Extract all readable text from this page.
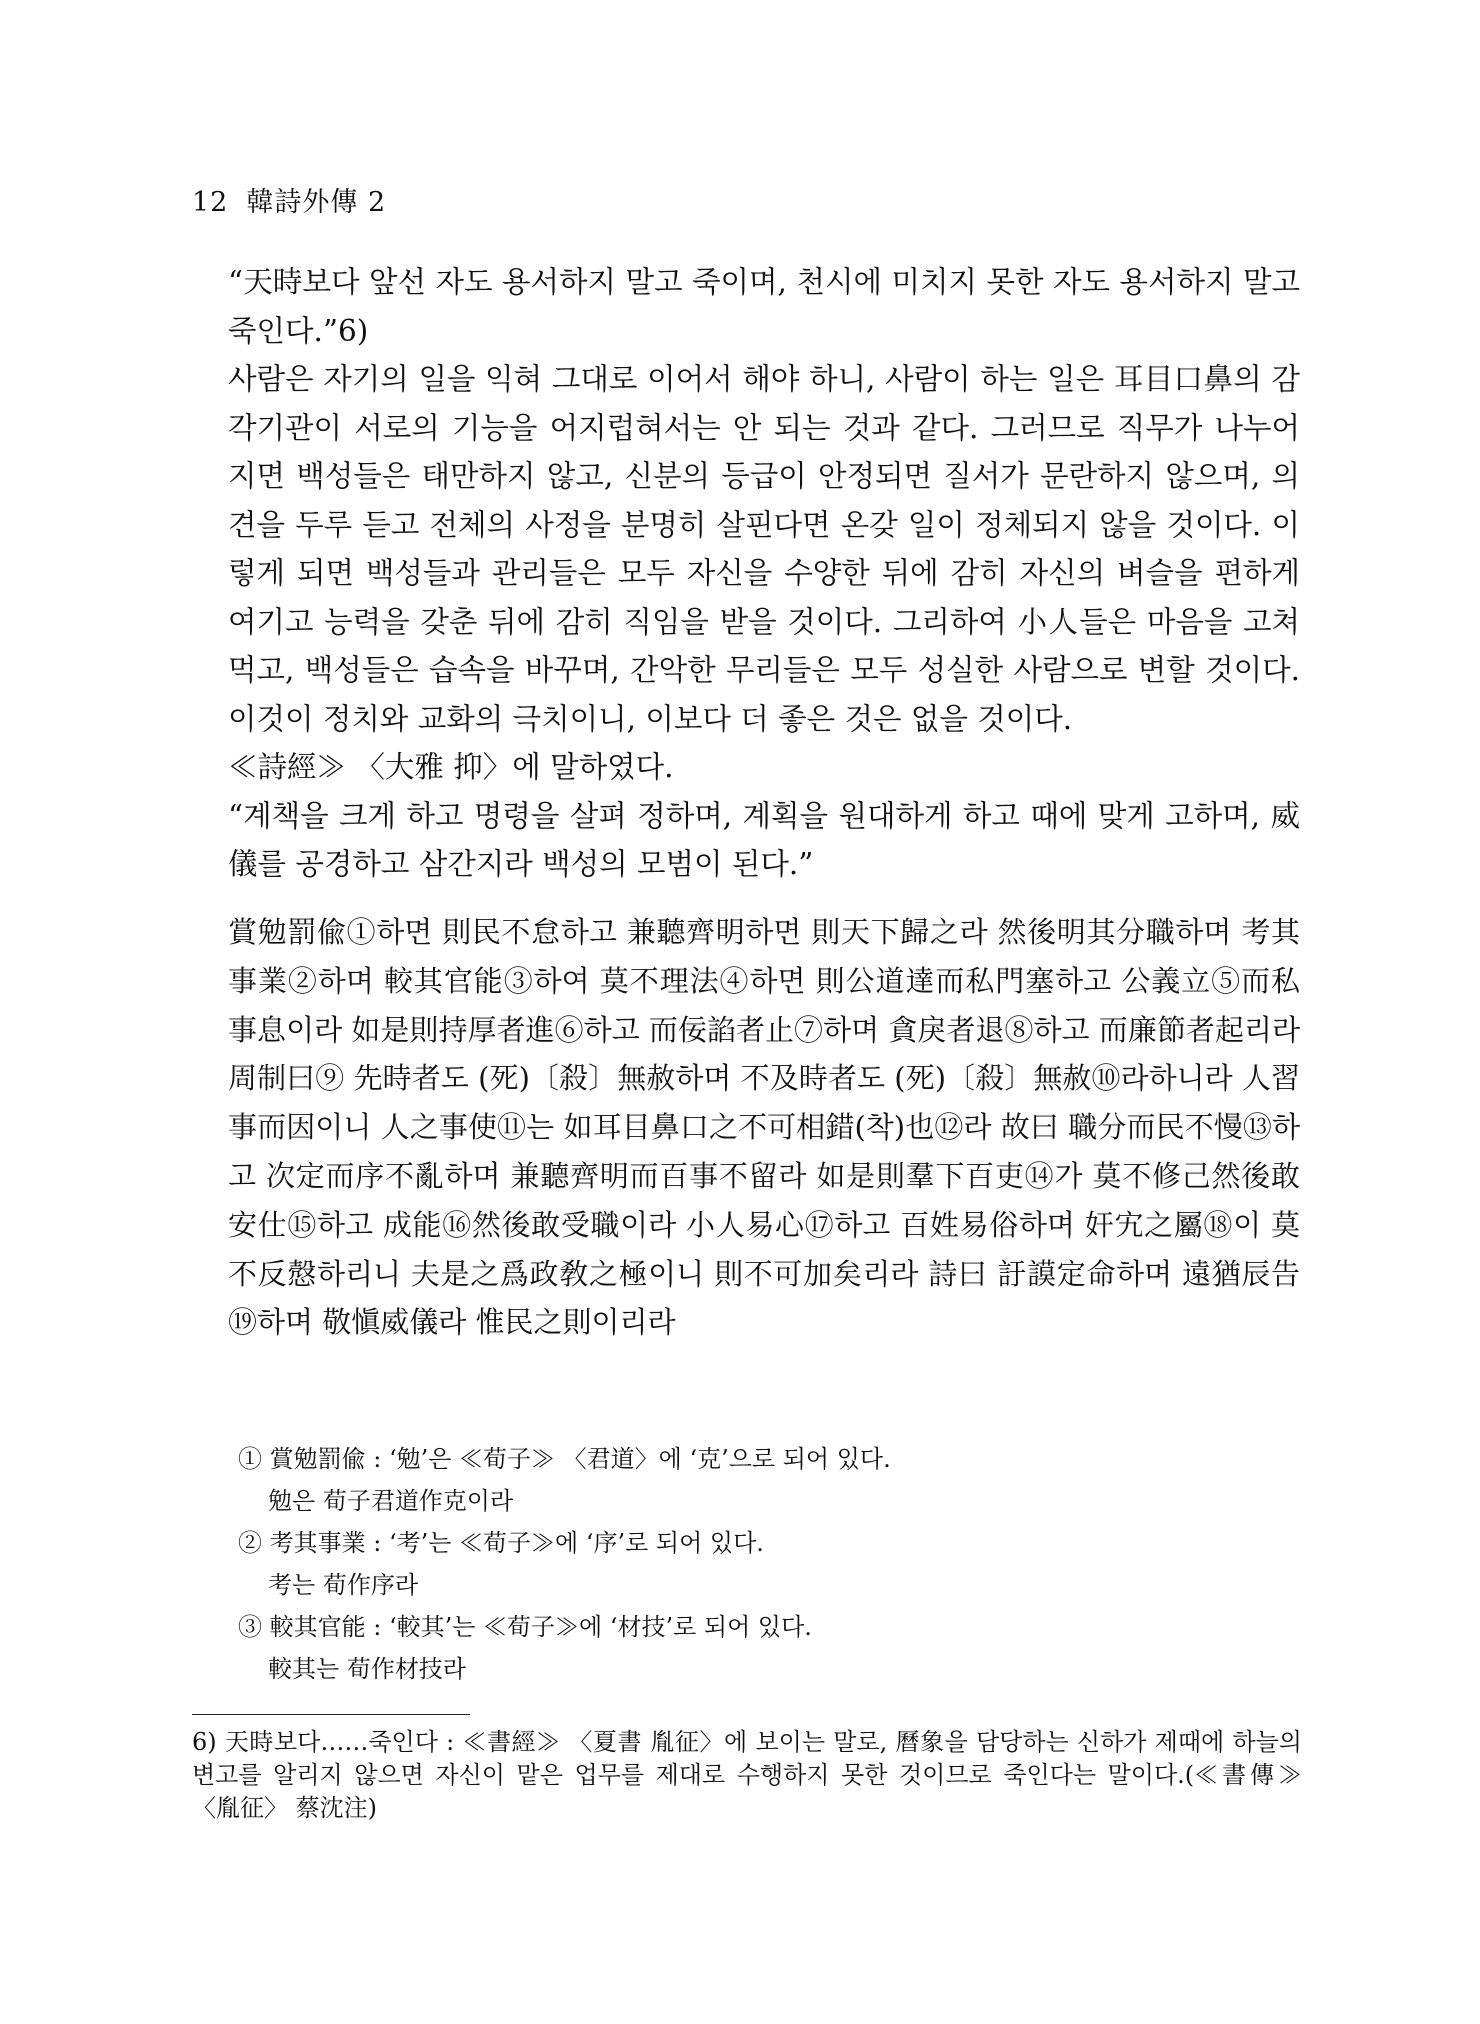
12 韓詩外傳 2

“天時보다 앞선 자도 용서하지 말고 죽이며, 천시에 미치지 못한 자도 용서하지 말고 죽인다.”6)

사람은 자기의 일을 익혀 그대로 이어서 해야 하니, 사람이 하는 일은 耳目口鼻의 감각기관이 서로의 기능을 어지럽혀서는 안 되는 것과 같다. 그러므로 직무가 나누어지면 백성들은 태만하지 않고, 신분의 등급이 안정되면 질서가 문란하지 않으며, 의견을 두루 듣고 전체의 사정을 분명히 살핀다면 온갖 일이 정체되지 않을 것이다. 이렇게 되면 백성들과 관리들은 모두 자신을 수양한 뒤에 감히 자신의 벼슬을 편하게 여기고 능력을 갖춘 뒤에 감히 직임을 받을 것이다. 그리하여 小人들은 마음을 고쳐먹고, 백성들은 습속을 바꾸며, 간악한 무리들은 모두 성실한 사람으로 변할 것이다. 이것이 정치와 교화의 극치이니, 이보다 더 좋은 것은 없을 것이다.

≪詩經≫ 〈大雅 抑〉에 말하였다.

“계책을 크게 하고 명령을 살펴 정하며, 계획을 원대하게 하고 때에 맞게 고하며, 威儀를 공경하고 삼간지라 백성의 모범이 된다.”

賞勉罰偸①하면 則民不怠하고 兼聽齊明하면 則天下歸之라 然後明其分職하며 考其事業②하며 較其官能③하여 莫不理法④하면 則公道達而私門塞하고 公義立⑤而私事息이라 如是則持厚者進⑥하고 而佞諂者止⑦하며 貪戾者退⑧하고 而廉節者起리라 周制曰⑨ 先時者도 (死)〔殺〕無赦하며 不及時者도 (死)〔殺〕無赦⑩라하니라 人習事而因이니 人之事使⑪는 如耳目鼻口之不可相錯(착)也⑫라 故曰 職分而民不慢⑬하고 次定而序不亂하며 兼聽齊明而百事不留라 如是則羣下百吏⑭가 莫不修己然後敢安仕⑮하고 成能⑯然後敢受職이라 小人易心⑰하고 百姓易俗하며 奸宄之屬⑱이 莫不反慤하리니 夫是之爲政敎之極이니 則不可加矣리라 詩曰 訏謨定命하며 遠猶辰告⑲하며 敬愼威儀라 惟民之則이리라

① 賞勉罰偸 : ‘勉’은 ≪荀子≫ 〈君道〉에 ‘克’으로 되어 있다.

勉은 荀子君道作克이라

② 考其事業 : ‘考’는 ≪荀子≫에 ‘序’로 되어 있다.

考는 荀作序라

③ 較其官能 : ‘較其’는 ≪荀子≫에 ‘材技’로 되어 있다.

較其는 荀作材技라

6) 天時보다……죽인다 : ≪書經≫ 〈夏書 胤征〉에 보이는 말로, 曆象을 담당하는 신하가 제때에 하늘의 변고를 알리지 않으면 자신이 맡은 업무를 제대로 수행하지 못한 것이므로 죽인다는 말이다.(≪書傳≫ 〈胤征〉 蔡沈注)
